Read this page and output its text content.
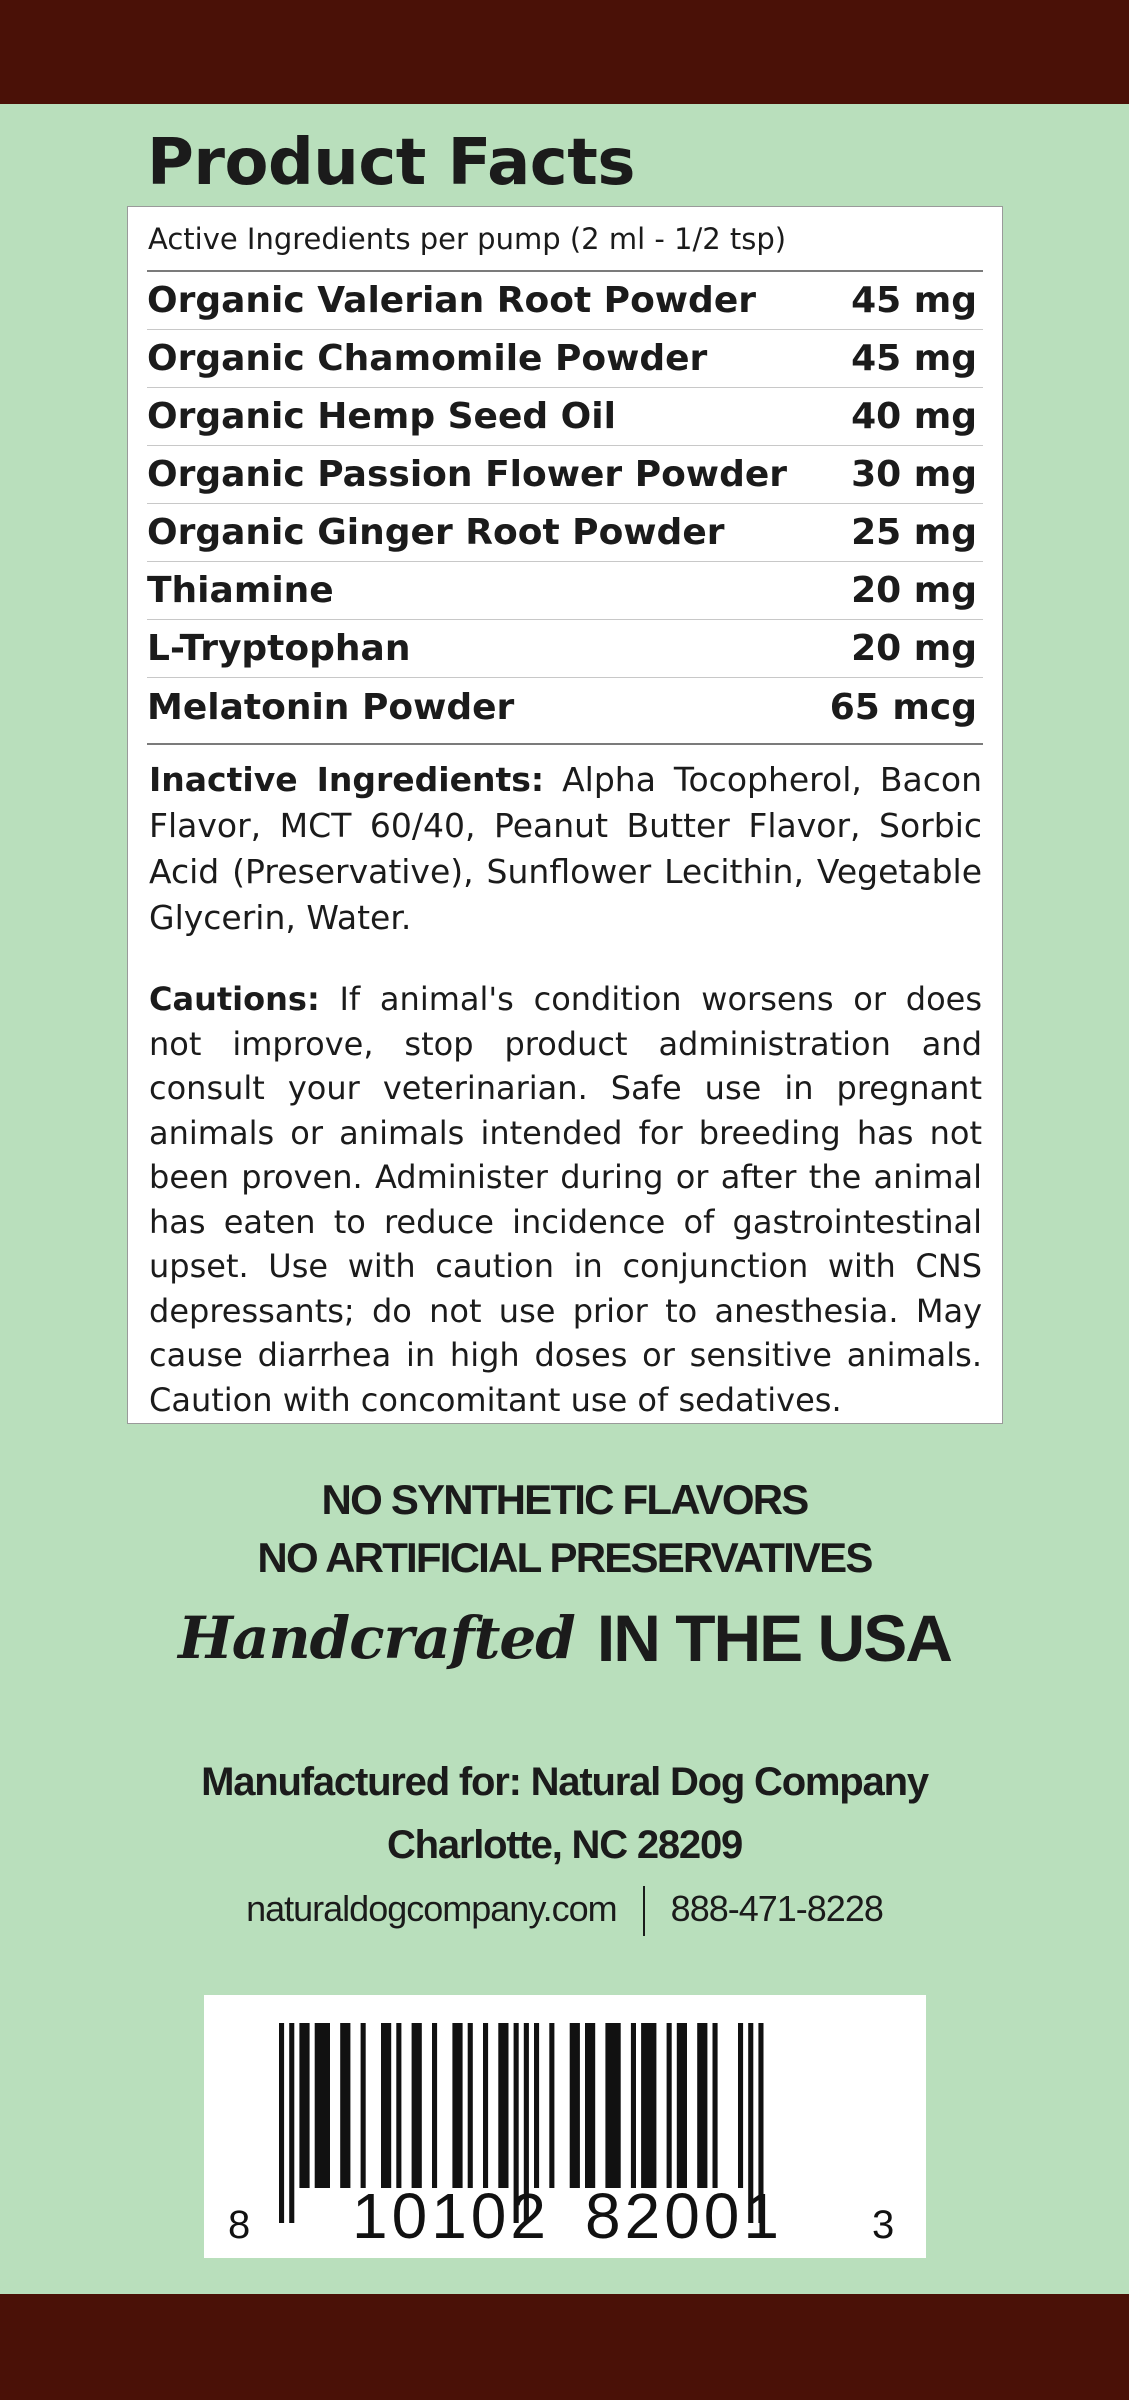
Product Facts
Active Ingredients per pump (2 ml - 1/2 tsp)
Organic Valerian Root Powder	45 mg
Organic Chamomile Powder	45 mg
Organic Hemp Seed Oil	40 mg
Organic Passion Flower Powder 30 mg
Organic Ginger Root Powder	25 mg
Thiamine	20 mg
L-Tryptophan	20 mg
Melatonin Powder	65 mcg

Inactive Ingredients: Alpha Tocopherol, Bacon Flavor, MCT 60/40, Peanut Butter Flavor, Sorbic Acid (Preservative), Sunflower Lecithin, Vegetable Glycerin, Water.

Cautions: If animal's condition worsens or does not improve, stop product administration and consult your veterinarian. Safe use in pregnant animals or animals intended for breeding has not been proven. Administer during or after the animal has eaten to reduce incidence of gastrointestinal upset. Use with caution in conjunction with CNS depressants; do not use prior to anesthesia. May cause diarrhea in high doses or sensitive animals. Caution with concomitant use of sedatives.

NO SYNTHETIC FLAVORS
NO ARTIFICIAL PRESERVATIVES
Handcrafted IN THE USA
Manufactured for: Natural Dog Company
Charlotte, NC 28209
naturaldogcompany.com 888-471-8228
8 10102 82001 3
